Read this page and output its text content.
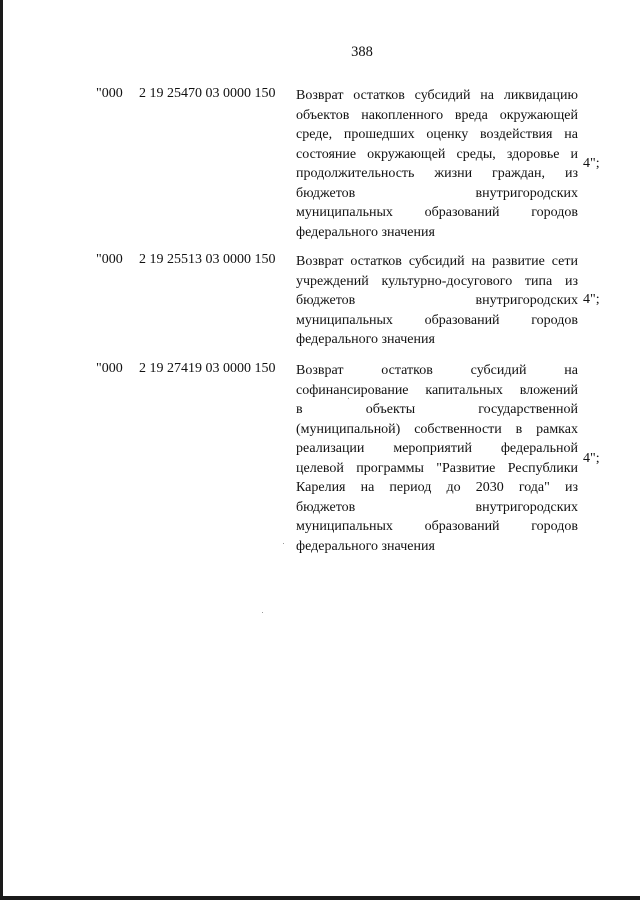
388
"000 2 19 25470 03 0000 150 Возврат остатков субсидий на ликвидацию
объектов накопленного вреда окружающей
среде, прошедших оценку воздействия на
состояние окружающей среды, здоровье и
продолжительность жизни граждан, из
бюджетов внутригородских
муниципальных образований городов
федерального значения
4";
"000 2 19 25513 03 0000 150 Возврат остатков субсидий на развитие сети
учреждений культурно-досугового типа из
бюджетов внутригородских
муниципальных образований городов
федерального значения
4";
"000 2 19 27419 03 0000 150 Возврат остатков субсидий на
софинансирование капитальных вложений
в объекты государственной
(муниципальной) собственности в рамках
реализации мероприятий федеральной
целевой программы "Развитие Республики
Карелия на период до 2030 года" из
бюджетов внутригородских
муниципальных образований городов
федерального значения
4";
